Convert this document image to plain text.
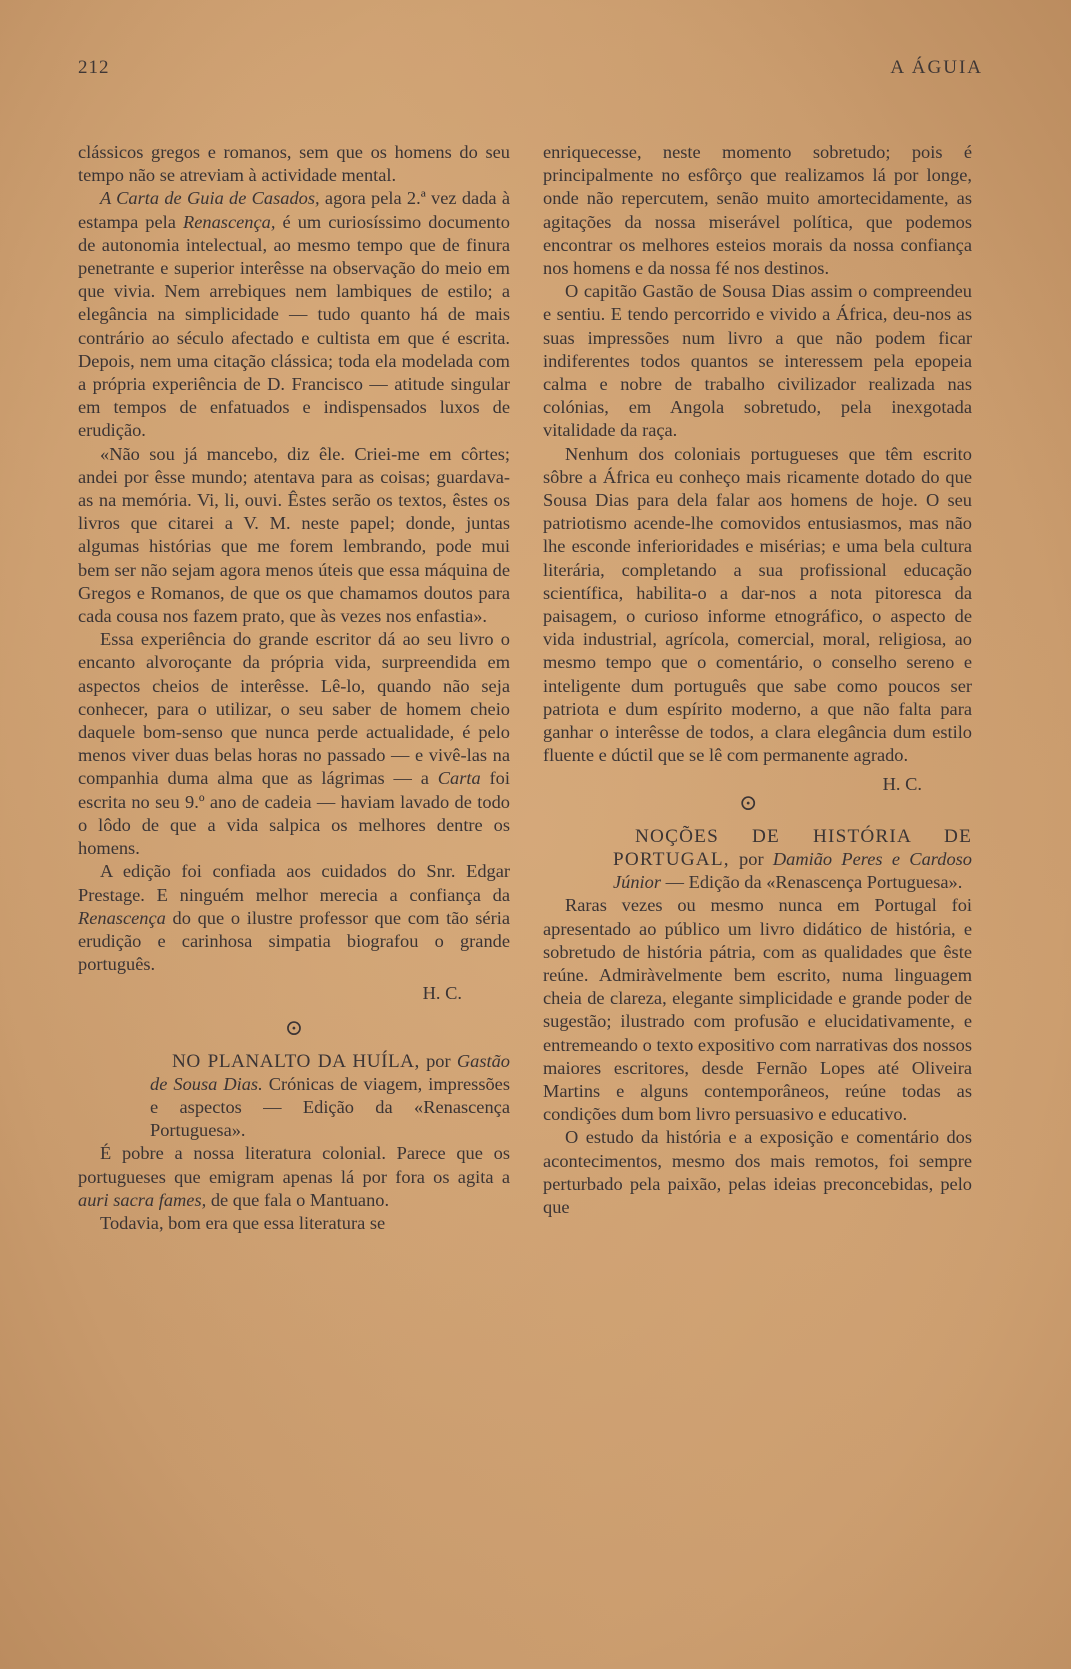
212	A ÁGUIA

clássicos gregos e romanos, sem que os homens do seu tempo não se atreviam à actividade mental.

A Carta de Guia de Casados, agora pela 2.ª vez dada à estampa pela Renascença, é um curiosíssimo documento de autonomia intelectual, ao mesmo tempo que de finura penetrante e superior interêsse na observação do meio em que vivia. Nem arrebiques nem lambiques de estilo; a elegância na simplicidade — tudo quanto há de mais contrário ao século afectado e cultista em que é escrita. Depois, nem uma citação clássica; toda ela modelada com a própria experiência de D. Francisco — atitude singular em tempos de enfatuados e indispensados luxos de erudição.

«Não sou já mancebo, diz êle. Criei-me em côrtes; andei por êsse mundo; atentava para as coisas; guardava-as na memória. Vi, li, ouvi. Êstes serão os textos, êstes os livros que citarei a V. M. neste papel; donde, juntas algumas histórias que me forem lembrando, pode mui bem ser não sejam agora menos úteis que essa máquina de Gregos e Romanos, de que os que chamamos doutos para cada cousa nos fazem prato, que às vezes nos enfastia».

Essa experiência do grande escritor dá ao seu livro o encanto alvoroçante da própria vida, surpreendida em aspectos cheios de interêsse. Lê-lo, quando não seja conhecer, para o utilizar, o seu saber de homem cheio daquele bom-senso que nunca perde actualidade, é pelo menos viver duas belas horas no passado — e vivê-las na companhia duma alma que as lágrimas — a Carta foi escrita no seu 9.º ano de cadeia — haviam lavado de todo o lôdo de que a vida salpica os melhores dentre os homens.

A edição foi confiada aos cuidados do Snr. Edgar Prestage. E ninguém melhor merecia a confiança da Renascença do que o ilustre professor que com tão séria erudição e carinhosa simpatia biografou o grande português.

H. C.

⊙

NO PLANALTO DA HUÍLA, por Gastão de Sousa Dias. Crónicas de viagem, impressões e aspectos — Edição da «Renascença Portuguesa».

É pobre a nossa literatura colonial. Parece que os portugueses que emigram apenas lá por fora os agita a auri sacra fames, de que fala o Mantuano.

Todavia, bom era que essa literatura se

enriquecesse, neste momento sobretudo; pois é principalmente no esfôrço que realizamos lá por longe, onde não repercutem, senão muito amortecidamente, as agitações da nossa miserável política, que podemos encontrar os melhores esteios morais da nossa confiança nos homens e da nossa fé nos destinos.

O capitão Gastão de Sousa Dias assim o compreendeu e sentiu. E tendo percorrido e vivido a África, deu-nos as suas impressões num livro a que não podem ficar indiferentes todos quantos se interessem pela epopeia calma e nobre de trabalho civilizador realizada nas colónias, em Angola sobretudo, pela inexgotada vitalidade da raça.

Nenhum dos coloniais portugueses que têm escrito sôbre a África eu conheço mais ricamente dotado do que Sousa Dias para dela falar aos homens de hoje. O seu patriotismo acende-lhe comovidos entusiasmos, mas não lhe esconde inferioridades e misérias; e uma bela cultura literária, completando a sua profissional educação scientífica, habilita-o a dar-nos a nota pitoresca da paisagem, o curioso informe etnográfico, o aspecto de vida industrial, agrícola, comercial, moral, religiosa, ao mesmo tempo que o comentário, o conselho sereno e inteligente dum português que sabe como poucos ser patriota e dum espírito moderno, a que não falta para ganhar o interêsse de todos, a clara elegância dum estilo fluente e dúctil que se lê com permanente agrado.

H. C.

⊙

NOÇÕES DE HISTÓRIA DE PORTUGAL, por Damião Peres e Cardoso Júnior — Edição da «Renascença Portuguesa».

Raras vezes ou mesmo nunca em Portugal foi apresentado ao público um livro didático de história, e sobretudo de história pátria, com as qualidades que êste reúne. Admiràvelmente bem escrito, numa linguagem cheia de clareza, elegante simplicidade e grande poder de sugestão; ilustrado com profusão e elucidativamente, e entremeando o texto expositivo com narrativas dos nossos maiores escritores, desde Fernão Lopes até Oliveira Martins e alguns contemporâneos, reúne todas as condições dum bom livro persuasivo e educativo.

O estudo da história e a exposição e comentário dos acontecimentos, mesmo dos mais remotos, foi sempre perturbado pela paixão, pelas ideias preconcebidas, pelo que
